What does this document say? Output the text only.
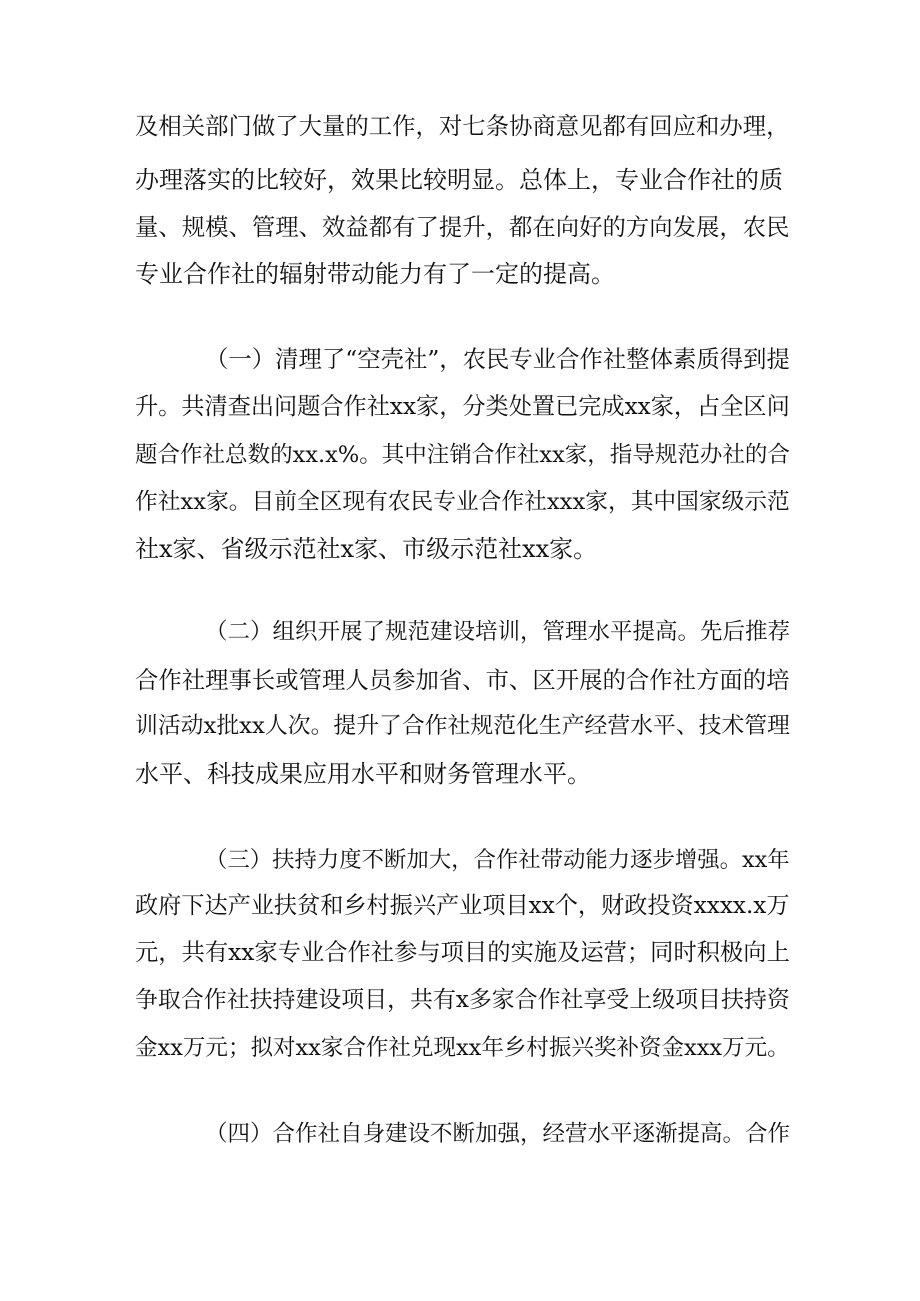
及相关部门做了大量的工作，对七条协商意见都有回应和办理，
办理落实的比较好，效果比较明显。总体上，专业合作社的质
量、规模、管理、效益都有了提升，都在向好的方向发展，农民
专业合作社的辐射带动能力有了一定的提高。
（一）清理了“空壳社”，农民专业合作社整体素质得到提
升。共清查出问题合作社xx家，分类处置已完成xx家，占全区问
题合作社总数的xx.x%。其中注销合作社xx家，指导规范办社的合
作社xx家。目前全区现有农民专业合作社xxx家，其中国家级示范
社x家、省级示范社x家、市级示范社xx家。
（二）组织开展了规范建设培训，管理水平提高。先后推荐
合作社理事长或管理人员参加省、市、区开展的合作社方面的培
训活动x批xx人次。提升了合作社规范化生产经营水平、技术管理
水平、科技成果应用水平和财务管理水平。
（三）扶持力度不断加大，合作社带动能力逐步增强。xx年
政府下达产业扶贫和乡村振兴产业项目xx个，财政投资xxxx.x万
元，共有xx家专业合作社参与项目的实施及运营；同时积极向上
争取合作社扶持建设项目，共有x多家合作社享受上级项目扶持资
金xx万元；拟对xx家合作社兑现xx年乡村振兴奖补资金xxx万元。
（四）合作社自身建设不断加强，经营水平逐渐提高。合作
